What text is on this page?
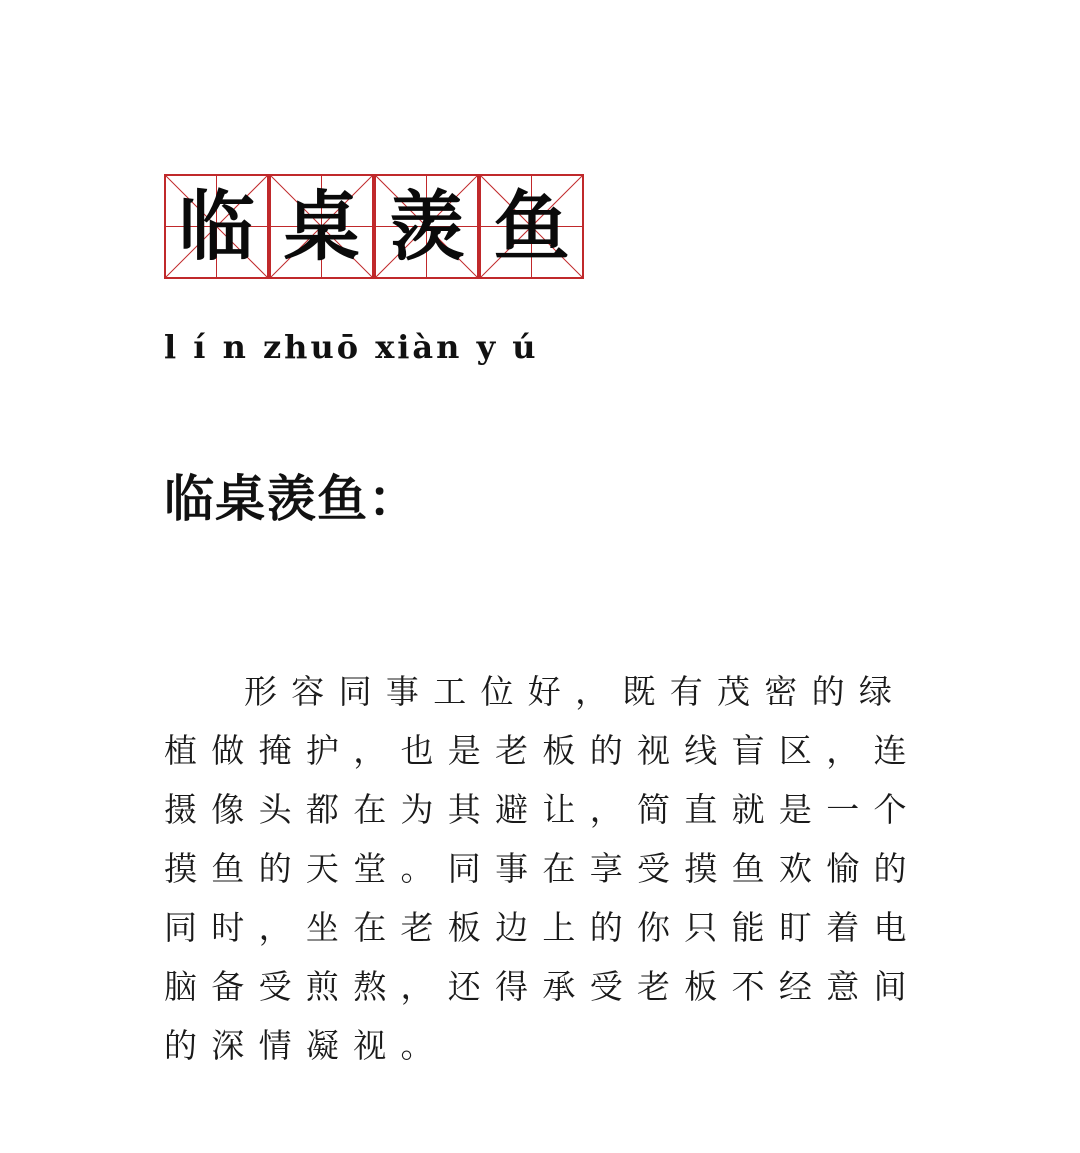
临 桌 羡 鱼
l í n zhuō xiàn y ú
临桌羡鱼：

形容同事工位好，既有茂密的绿植做掩护，也是老板的视线盲区，连摄像头都在为其避让，简直就是一个摸鱼的天堂。同事在享受摸鱼欢愉的同时，坐在老板边上的你只能盯着电脑备受煎熬，还得承受老板不经意间的深情凝视。
